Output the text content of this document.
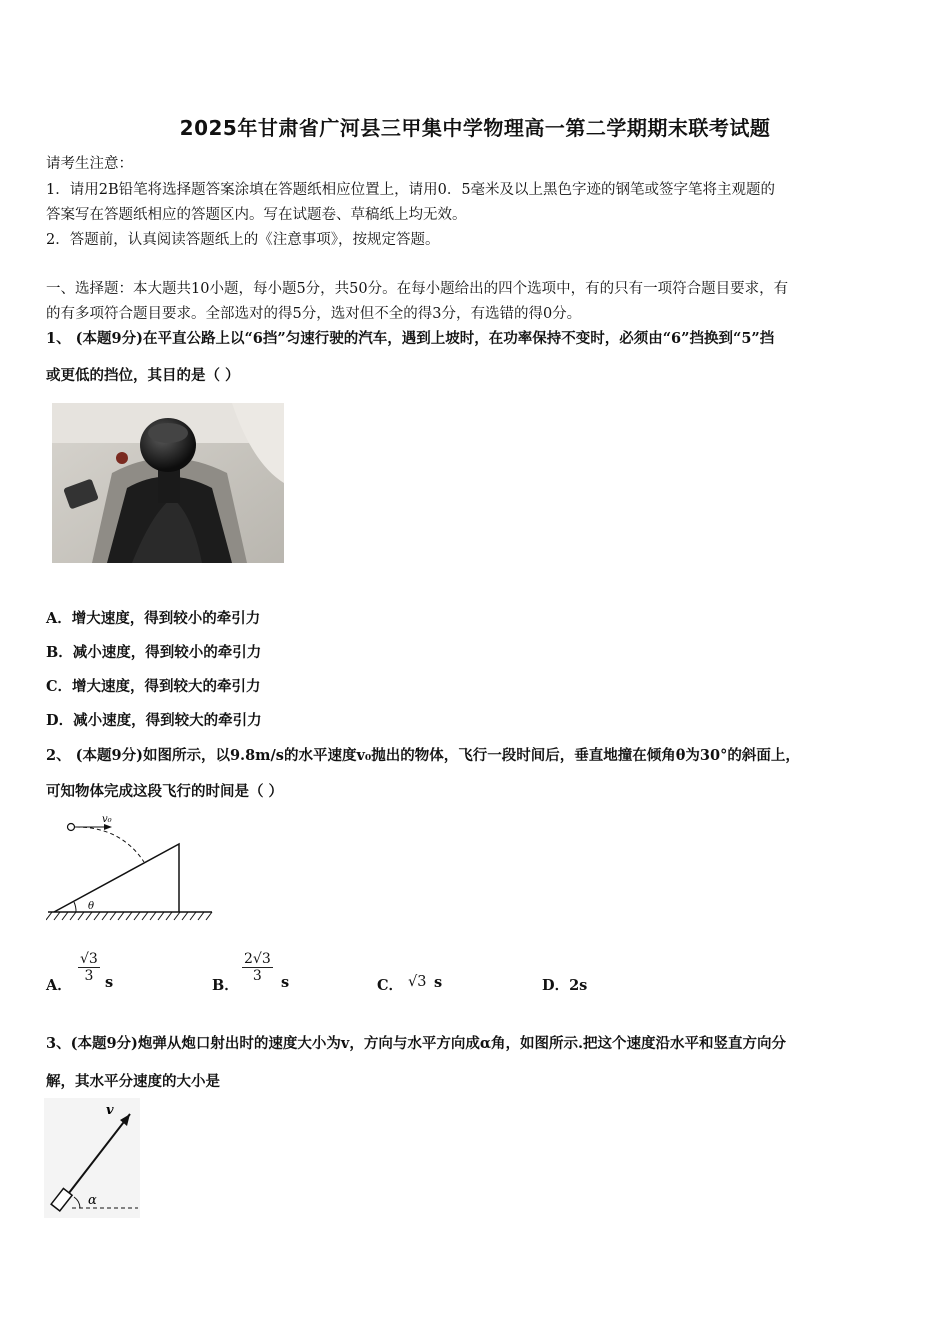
2025年甘肃省广河县三甲集中学物理高一第二学期期末联考试题
请考生注意：
1．请用2B铅笔将选择题答案涂填在答题纸相应位置上，请用0．5毫米及以上黑色字迹的钢笔或签字笔将主观题的
答案写在答题纸相应的答题区内。写在试题卷、草稿纸上均无效。
2．答题前，认真阅读答题纸上的《注意事项》，按规定答题。
一、选择题：本大题共10小题，每小题5分，共50分。在每小题给出的四个选项中，有的只有一项符合题目要求，有
的有多项符合题目要求。全部选对的得5分，选对但不全的得3分，有选错的得0分。
1、 (本题9分)在平直公路上以“6挡”匀速行驶的汽车，遇到上坡时，在功率保持不变时，必须由“6”挡换到“5”挡
或更低的挡位，其目的是（ ）
A．增大速度，得到较小的牵引力
B．减小速度，得到较小的牵引力
C．增大速度，得到较大的牵引力
D．减小速度，得到较大的牵引力
2、 (本题9分)如图所示，以9.8m/s的水平速度v₀抛出的物体，飞行一段时间后，垂直地撞在倾角θ为30°的斜面上，
可知物体完成这段飞行的时间是（ ）
v₀
θ
A．
$\frac{√3}{3}$ s	B．
$\frac{2√3}{3}$ s	C． √3 s	D．2s
3、(本题9分)炮弹从炮口射出时的速度大小为v，方向与水平方向成α角，如图所示.把这个速度沿水平和竖直方向分
解，其水平分速度的大小是
v
α
